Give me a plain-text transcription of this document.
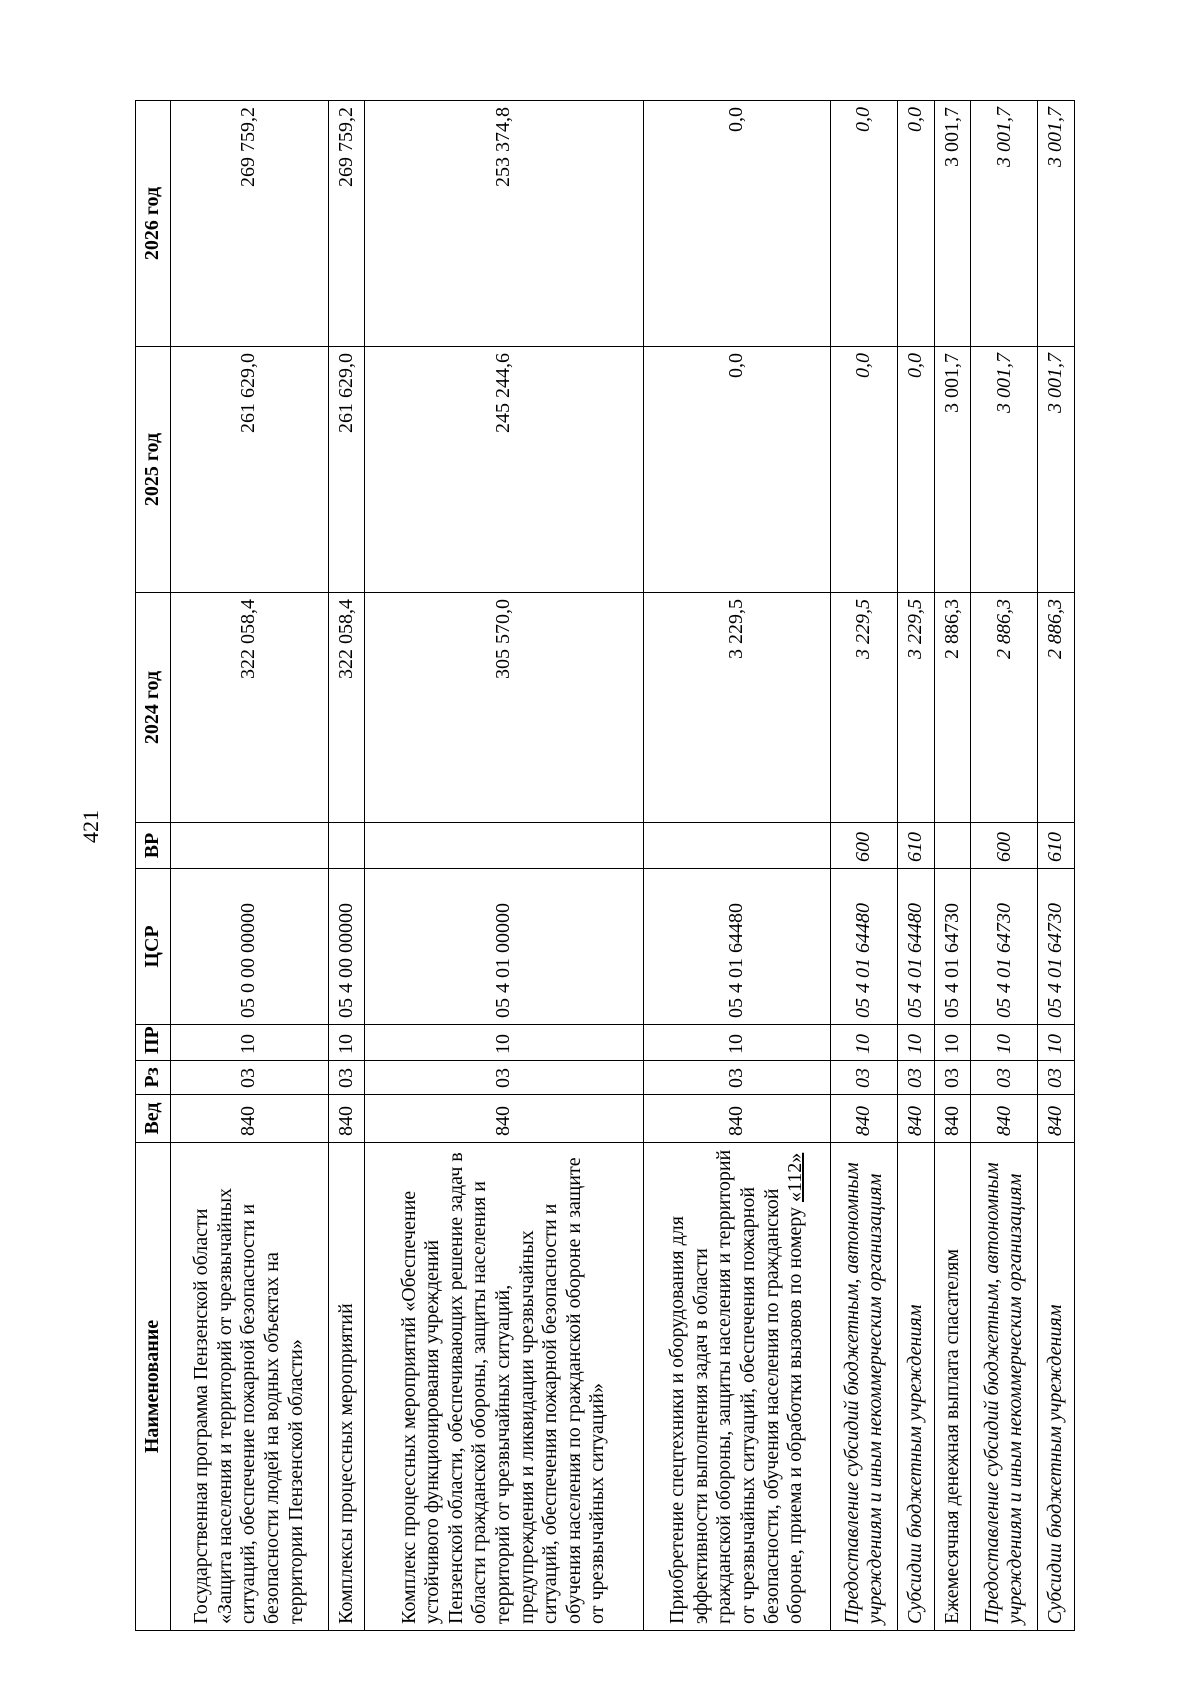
421
Наименование	Вед	Рз	ПР	ЦСР	ВР	2024 год	2025 год	2026 год
Государственная программа Пензенской области «Защита населения и территорий от чрезвычайных ситуаций, обеспечение пожарной безопасности и безопасности людей на водных объектах на территории Пензенской области»	840	03	10	05 0 00 00000		322 058,4	261 629,0	269 759,2
Комплексы процессных мероприятий	840	03	10	05 4 00 00000		322 058,4	261 629,0	269 759,2
Комплекс процессных мероприятий «Обеспечение устойчивого функционирования учреждений Пензенской области, обеспечивающих решение задач в области гражданской обороны, защиты населения и территорий от чрезвычайных ситуаций, предупреждения и ликвидации чрезвычайных ситуаций, обеспечения пожарной безопасности и обучения населения по гражданской обороне и защите от чрезвычайных ситуаций»	840	03	10	05 4 01 00000		305 570,0	245 244,6	253 374,8
Приобретение спецтехники и оборудования для эффективности выполнения задач в области гражданской обороны, защиты населения и территорий от чрезвычайных ситуаций, обеспечения пожарной безопасности, обучения населения по гражданской обороне, приема и обработки вызовов по номеру «112»	840	03	10	05 4 01 64480		3 229,5	0,0	0,0
Предоставление субсидий бюджетным, автономным учреждениям и иным некоммерческим организациям	840	03	10	05 4 01 64480	600	3 229,5	0,0	0,0
Субсидии бюджетным учреждениям	840	03	10	05 4 01 64480	610	3 229,5	0,0	0,0
Ежемесячная денежная выплата спасателям	840	03	10	05 4 01 64730		2 886,3	3 001,7	3 001,7
Предоставление субсидий бюджетным, автономным учреждениям и иным некоммерческим организациям	840	03	10	05 4 01 64730	600	2 886,3	3 001,7	3 001,7
Субсидии бюджетным учреждениям	840	03	10	05 4 01 64730	610	2 886,3	3 001,7	3 001,7
